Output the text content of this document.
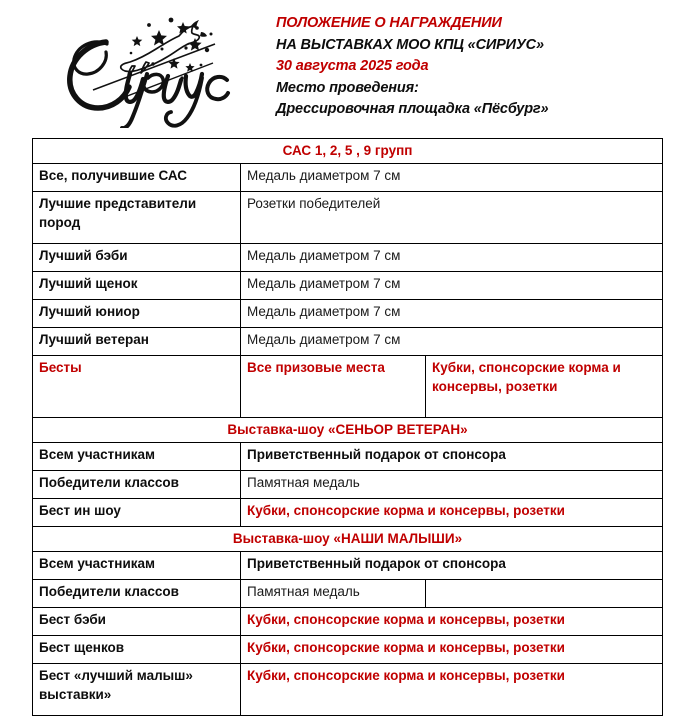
ПОЛОЖЕНИЕ О НАГРАЖДЕНИИ
НА ВЫСТАВКАХ МОО КПЦ «СИРИУС»
30 августа 2025 года
Место проведения:
Дрессировочная площадка «Пёсбург»
САС 1, 2, 5 , 9 групп		
Все, получившие САС	Медаль диаметром 7 см	
Лучшие представители пород	Розетки победителей	
Лучший бэби	Медаль диаметром 7 см	
Лучший щенок	Медаль диаметром 7 см	
Лучший юниор	Медаль диаметром 7 см	
Лучший ветеран	Медаль диаметром 7 см	
Бесты	Все призовые места	Кубки, спонсорские корма и консервы, розетки
Выставка-шоу «СЕНЬОР ВЕТЕРАН»		
Всем участникам	Приветственный подарок от спонсора	
Победители классов	Памятная медаль	
Бест ин шоу	Кубки, спонсорские корма и консервы, розетки	
Выставка-шоу «НАШИ МАЛЫШИ»		
Всем участникам	Приветственный подарок от спонсора	
Победители классов	Памятная медаль	
Бест бэби	Кубки, спонсорские корма и консервы, розетки	
Бест щенков	Кубки, спонсорские корма и консервы, розетки	
Бест «лучший малыш» выставки»	Кубки, спонсорские корма и консервы, розетки	
